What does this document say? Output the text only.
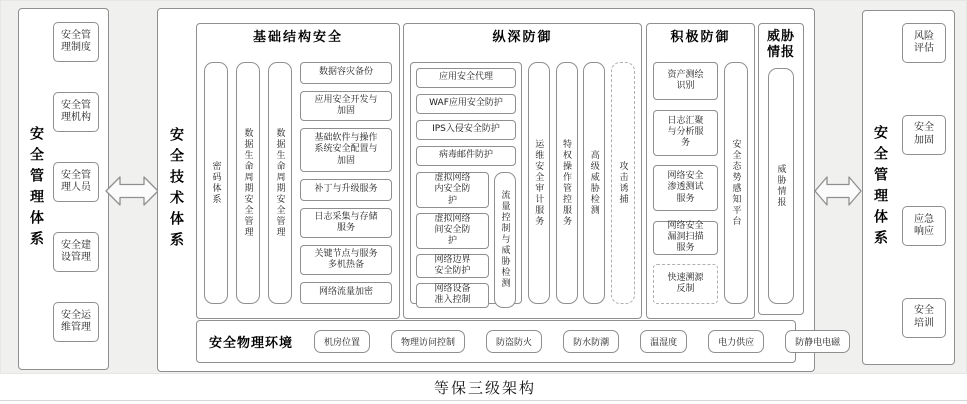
安全管理体系
安全管理制度
安全管理机构
安全管理人员
安全建设管理
安全运维管理
安全技术体系
基础结构安全
密码体系	数据生命周期安全管理	数据生命周期安全管理
数据容灾备份
应用安全开发与加固
基础软件与操作系统安全配置与加固
补丁与升级服务
日志采集与存储服务
关键节点与服务多机热备
网络流量加密
纵深防御
应用安全代理
WAF应用安全防护
IPS入侵安全防护
病毒邮件防护
虚拟网络内安全防护
虚拟网络间安全防护
网络边界安全防护
网络设备准入控制
流量控制与威胁检测
运维安全审计服务	特权操作管控服务	高级威胁检测	攻击诱捕
积极防御
资产测绘识别
日志汇聚与分析服务
网络安全渗透测试服务
网络安全漏洞扫描服务
快速溯源反制
安全态势感知平台
威胁情报
威胁情报
安全物理环境	机房位置	物理访问控制	防盗防火	防水防潮	温湿度	电力供应	防静电电磁
安全管理体系
风险评估
安全加固
应急响应
安全培训
等保三级架构
